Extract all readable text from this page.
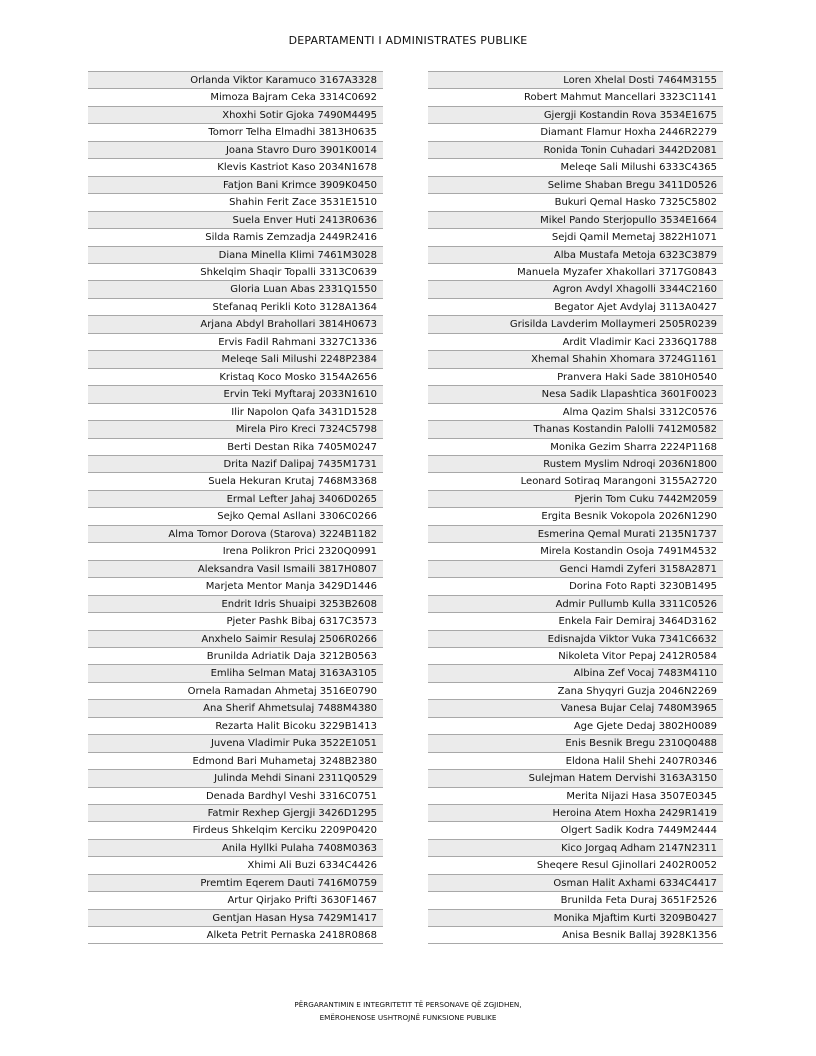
DEPARTAMENTI I ADMINISTRATES PUBLIKE
Orlanda Viktor Karamuco 3167A3328
Mimoza Bajram Ceka 3314C0692
Xhoxhi Sotir Gjoka 7490M4495
Tomorr Telha Elmadhi 3813H0635
Joana Stavro Duro 3901K0014
Klevis Kastriot Kaso 2034N1678
Fatjon Bani Krimce 3909K0450
Shahin Ferit Zace 3531E1510
Suela Enver Huti 2413R0636
Silda Ramis Zemzadja 2449R2416
Diana Minella Klimi 7461M3028
Shkelqim Shaqir Topalli 3313C0639
Gloria Luan Abas 2331Q1550
Stefanaq Perikli Koto 3128A1364
Arjana Abdyl Brahollari 3814H0673
Ervis Fadil Rahmani 3327C1336
Meleqe Sali Milushi 2248P2384
Kristaq Koco Mosko 3154A2656
Ervin Teki Myftaraj 2033N1610
Ilir Napolon Qafa 3431D1528
Mirela Piro Kreci 7324C5798
Berti Destan Rika 7405M0247
Drita Nazif Dalipaj 7435M1731
Suela Hekuran Krutaj 7468M3368
Ermal Lefter Jahaj 3406D0265
Sejko Qemal Asllani 3306C0266
Alma Tomor Dorova (Starova) 3224B1182
Irena Polikron Prici 2320Q0991
Aleksandra Vasil Ismaili 3817H0807
Marjeta Mentor Manja 3429D1446
Endrit Idris Shuaipi 3253B2608
Pjeter Pashk Bibaj 6317C3573
Anxhelo Saimir Resulaj 2506R0266
Brunilda Adriatik Daja 3212B0563
Emliha Selman Mataj 3163A3105
Ornela Ramadan Ahmetaj 3516E0790
Ana Sherif Ahmetsulaj 7488M4380
Rezarta Halit Bicoku 3229B1413
Juvena Vladimir Puka 3522E1051
Edmond Bari Muhametaj 3248B2380
Julinda Mehdi Sinani 2311Q0529
Denada Bardhyl Veshi 3316C0751
Fatmir Rexhep Gjergji 3426D1295
Firdeus Shkelqim Kerciku 2209P0420
Anila Hyllki Pulaha 7408M0363
Xhimi Ali Buzi 6334C4426
Premtim Eqerem Dauti 7416M0759
Artur Qirjako Prifti 3630F1467
Gentjan Hasan Hysa 7429M1417
Alketa Petrit Pernaska 2418R0868
Loren Xhelal Dosti 7464M3155
Robert Mahmut Mancellari 3323C1141
Gjergji Kostandin Rova 3534E1675
Diamant Flamur Hoxha 2446R2279
Ronida Tonin Cuhadari 3442D2081
Meleqe Sali Milushi 6333C4365
Selime Shaban Bregu 3411D0526
Bukuri Qemal Hasko 7325C5802
Mikel Pando Sterjopullo 3534E1664
Sejdi Qamil Memetaj 3822H1071
Alba Mustafa Metoja 6323C3879
Manuela Myzafer Xhakollari 3717G0843
Agron Avdyl Xhagolli 3344C2160
Begator Ajet Avdylaj 3113A0427
Grisilda Lavderim Mollaymeri 2505R0239
Ardit Vladimir Kaci 2336Q1788
Xhemal Shahin Xhomara 3724G1161
Pranvera Haki Sade 3810H0540
Nesa Sadik Llapashtica 3601F0023
Alma Qazim Shalsi 3312C0576
Thanas Kostandin Palolli 7412M0582
Monika Gezim Sharra 2224P1168
Rustem Myslim Ndroqi 2036N1800
Leonard Sotiraq Marangoni 3155A2720
Pjerin Tom Cuku 7442M2059
Ergita Besnik Vokopola 2026N1290
Esmerina Qemal Murati 2135N1737
Mirela Kostandin Osoja 7491M4532
Genci Hamdi Zyferi 3158A2871
Dorina Foto Rapti 3230B1495
Admir Pullumb Kulla 3311C0526
Enkela Fair Demiraj 3464D3162
Edisnajda Viktor Vuka 7341C6632
Nikoleta Vitor Pepaj 2412R0584
Albina Zef Vocaj 7483M4110
Zana Shyqyri Guzja 2046N2269
Vanesa Bujar Celaj 7480M3965
Age Gjete Dedaj 3802H0089
Enis Besnik Bregu 2310Q0488
Eldona Halil Shehi 2407R0346
Sulejman Hatem Dervishi 3163A3150
Merita Nijazi Hasa 3507E0345
Heroina Atem Hoxha 2429R1419
Olgert Sadik Kodra 7449M2444
Kico Jorgaq Adham 2147N2311
Sheqere Resul Gjinollari 2402R0052
Osman Halit Axhami 6334C4417
Brunilda Feta Duraj 3651F2526
Monika Mjaftim Kurti 3209B0427
Anisa Besnik Ballaj 3928K1356
PËRGARANTIMIN E INTEGRITETIT TË PERSONAVE QË ZGJIDHEN,
EMËROHENOSE USHTROJNË FUNKSIONE PUBLIKE
